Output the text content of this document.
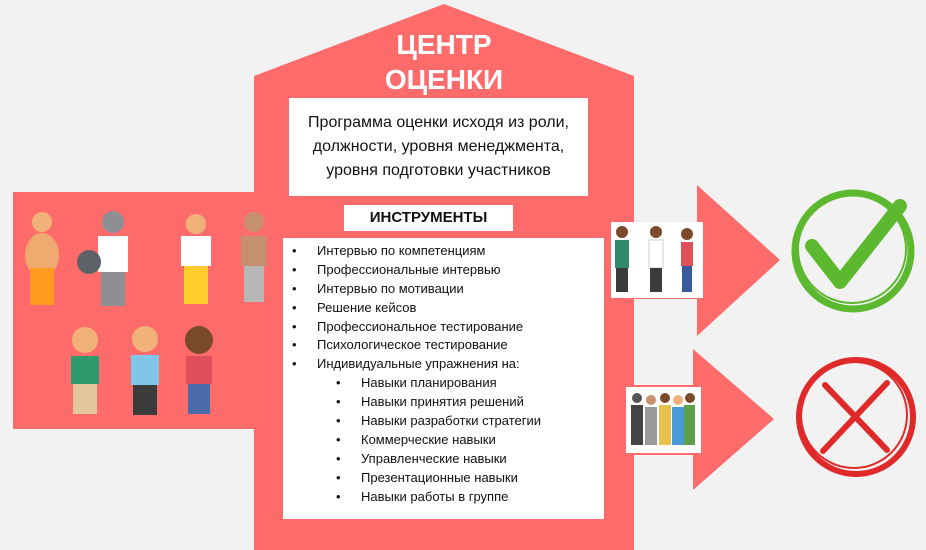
ЦЕНТР
ОЦЕНКИ
Программа оценки исходя из роли, должности, уровня менеджмента, уровня подготовки участников
ИНСТРУМЕНТЫ
• Интервью по компетенциям
• Профессиональные интервью
• Интервью по мотивации
• Решение кейсов
• Профессиональное тестирование
• Психологическое тестирование
• Индивидуальные упражнения на:
• Навыки планирования
• Навыки принятия решений
• Навыки разработки стратегии
• Коммерческие навыки
• Управленческие навыки
• Презентационные навыки
• Навыки работы в группе
